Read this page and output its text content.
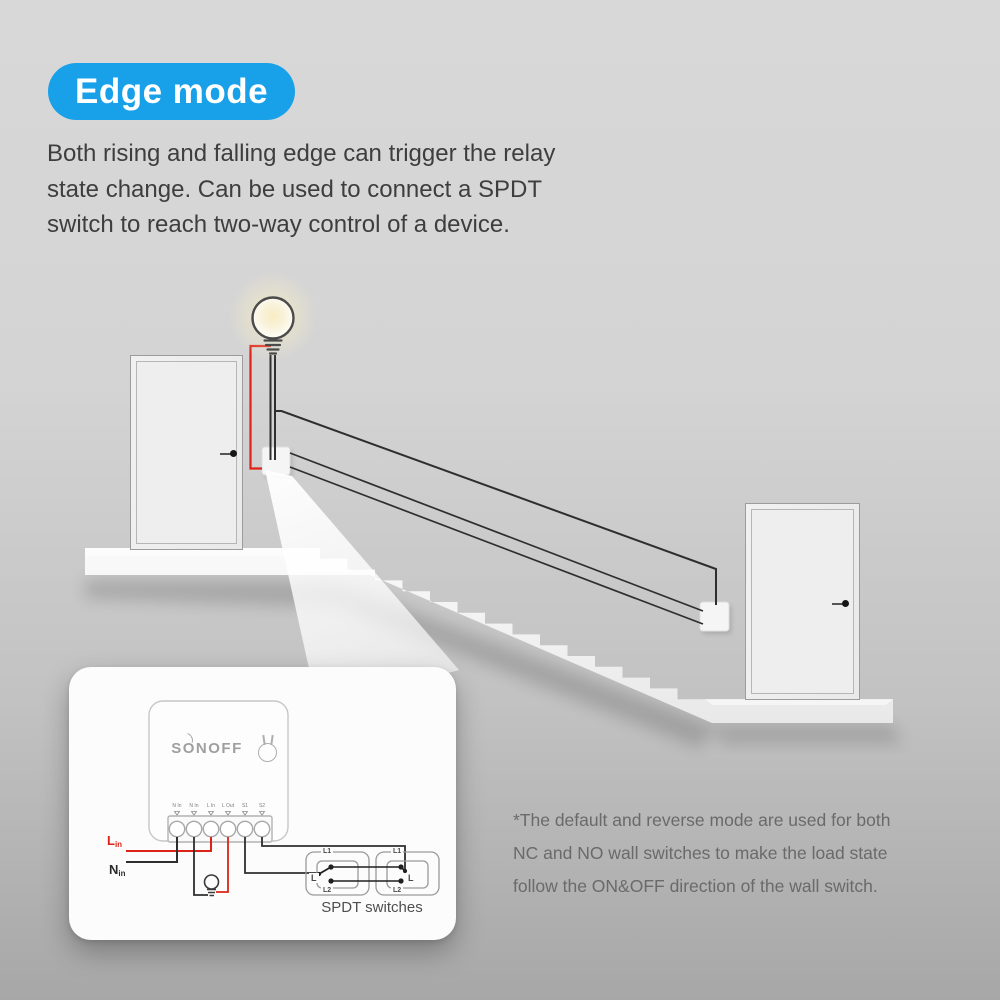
Edge mode
Both rising and falling edge can trigger the relay
state change. Can be used to connect a SPDT
switch to reach two-way control of a device.
*The default and reverse mode are used for both
NC and NO wall switches to make the load state
follow the ON&OFF direction of the wall switch.
SONOFF
N In	N In	L In	L Out	S1	S2
$L_{in}$
$N_{in}$
L1
L2
L
L1
L2
L
SPDT switches
